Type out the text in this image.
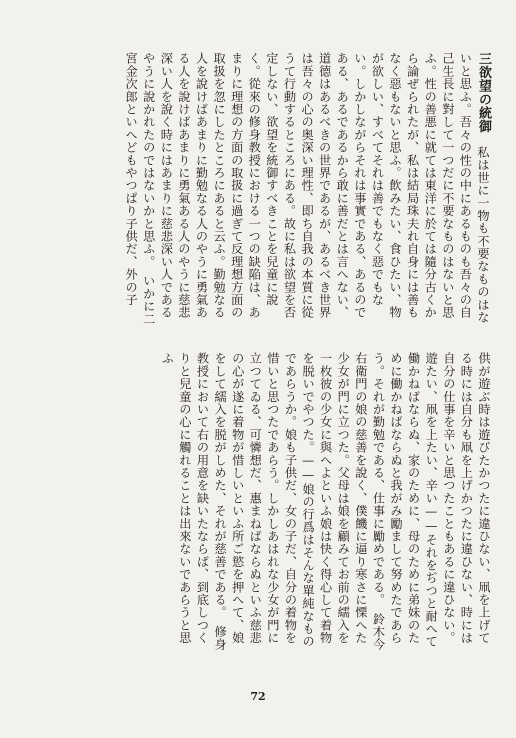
三欲望の統御　私は世に一物も不要なものはないと思ふ。吾々の性の中にあるものも吾々の自己生長に對して一つだに不要なものはないと思ふ。性の善悪に就ては東洋に於ては隨分古くから論ぜられたが、私は結局珠夫れ自身には善もなく惡もないと思ふ。飲みたい、食ひたい、物が欲しい、すべてそれは善でもなく惡でもない。しかしながらそれは事實である、あるのである、あるであるから敢に善だとは言へない、道德はあるべきの世界であるが、あるべき世界は吾々の心の奥深い理性、即ち自我の本質に從うて行動するところにある。故に私は欲望を否定しない、欲望を統御すべきことを兒童に說く。從來の修身教授における一つの缺陥は、あまりに理想の方面の取扱に過ぎて反理想方面の取扱を忽にしたところにあると云ふ。勤勉なる人を說けばあまりに勤勉なる人のやうに勇氣ある人を說けばあまりに勇氣ある人のやうに慈悲深い人を說く時にはあまりに慈悲深い人であるやうに說かれたのではないかと思ふ。　いかに二宮金次郎といへどもやつぱり子供だ、外の子
供が遊ぶ時は遊びたかつたに違ひない、凧を上げてる時には自分も凧を上げかつたに違ひない、時には自分の仕事を辛いと思つたこともあるに違ひない。遊たい、凧を上たい、辛い——それをぢつと耐へて働かねばならぬ、家のために、母のために弟妹のために働かねばならぬと我がみ勵まして努めたであらう。それが勤勉である、仕事に勵めである。　鈴木今右衛門の娘の慈善を說く、僕饑に逼り寒さに慄へた少女が門に立つた。父母は娘を顧みてお前の繻入を一枚彼の少女に與へよといふ娘は快く得心して着物を脱いでやつた。——娘の行爲はそんな單純なものであらうか。娘も子供だ、女の子だ、自分の着物を惜いと思つたであらう。しかしあはれな少女が門に立つてゐる、可憐想だ、惠まねばならぬといふ慈悲の心が遂に着物が惜しいといふ所ご慾を押へて、娘をして繻入を脱がしめた、それが慈善である。　修身教授において右の用意を缺いたならば、到底しつくりと兒童の心に觸れることは出來ないであらうと思ふ
72
